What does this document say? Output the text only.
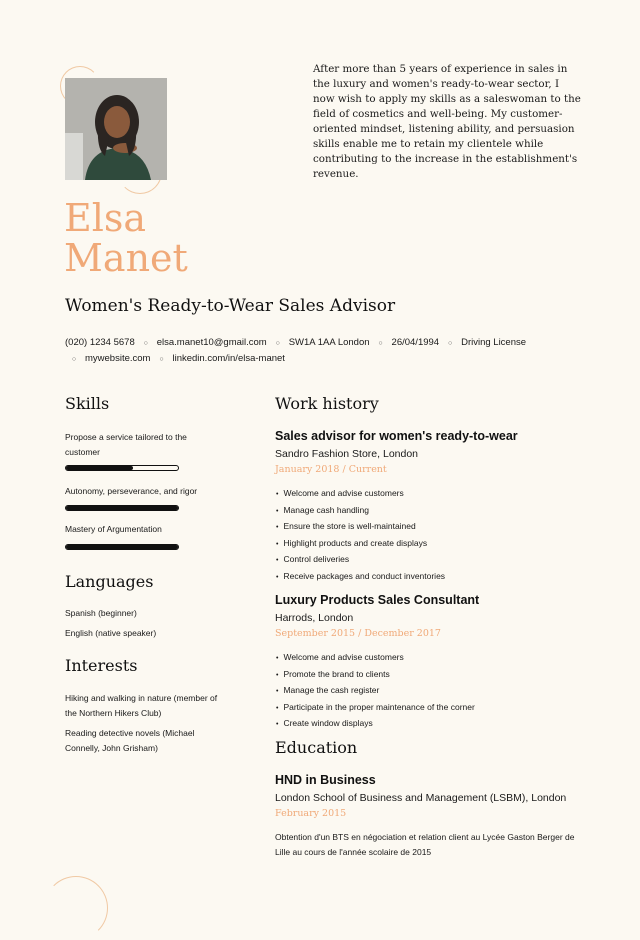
After more than 5 years of experience in sales in the luxury and women's ready-to-wear sector, I now wish to apply my skills as a saleswoman to the field of cosmetics and well-being. My customer-oriented mindset, listening ability, and persuasion skills enable me to retain my clientele while contributing to the increase in the establishment's revenue.
Elsa
Manet
Women's Ready-to-Wear Sales Advisor
(020) 1234 5678 ○ elsa.manet10@gmail.com ○ SW1A 1AA London ○ 26/04/1994 ○ Driving License
○ mywebsite.com ○ linkedin.com/in/elsa-manet
Skills
Propose a service tailored to the customer
Autonomy, perseverance, and rigor
Mastery of Argumentation
Languages
Spanish (beginner)
English (native speaker)
Interests
Hiking and walking in nature (member of the Northern Hikers Club)
Reading detective novels (Michael Connelly, John Grisham)
Work history
Sales advisor for women's ready-to-wear
Sandro Fashion Store, London
January 2018 / Current
• Welcome and advise customers
• Manage cash handling
• Ensure the store is well-maintained
• Highlight products and create displays
• Control deliveries
• Receive packages and conduct inventories
Luxury Products Sales Consultant
Harrods, London
September 2015 / December 2017
• Welcome and advise customers
• Promote the brand to clients
• Manage the cash register
• Participate in the proper maintenance of the corner
• Create window displays
Education
HND in Business
London School of Business and Management (LSBM), London
February 2015
Obtention d'un BTS en négociation et relation client au Lycée Gaston Berger de Lille au cours de l'année scolaire de 2015
